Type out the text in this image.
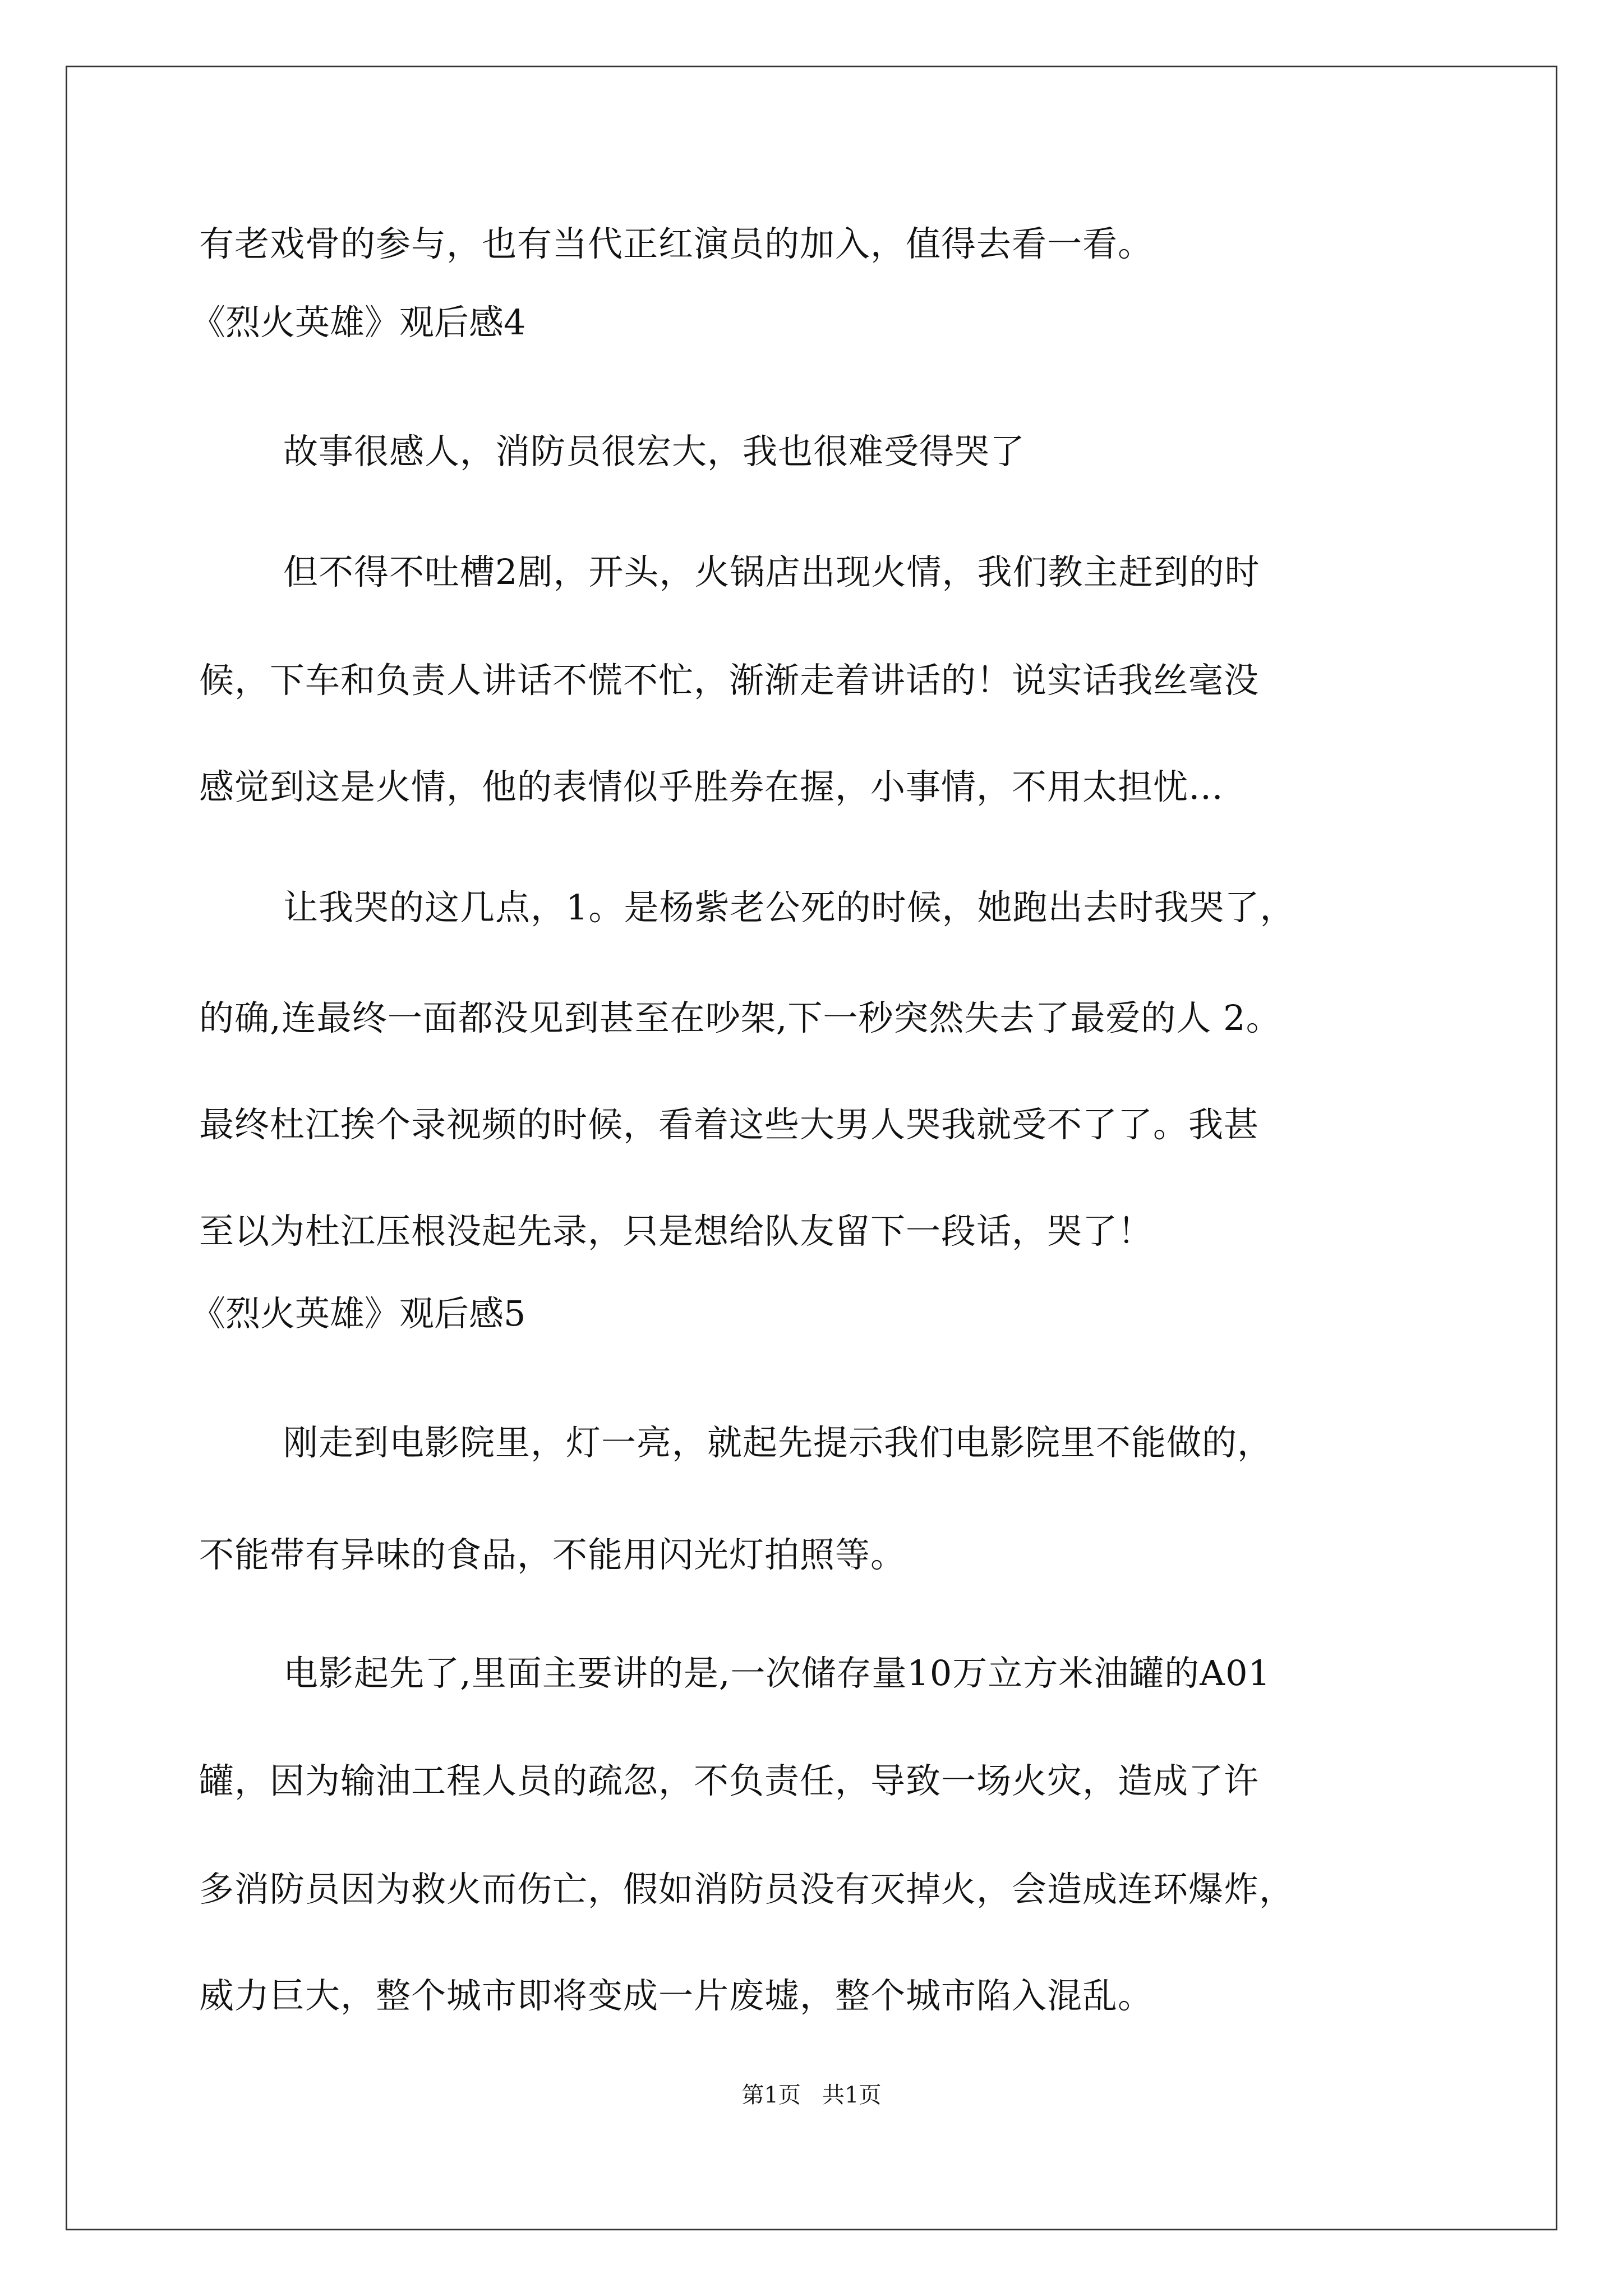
有老戏骨的参与，也有当代正红演员的加入，值得去看一看。
《烈火英雄》观后感4
故事很感人，消防员很宏大，我也很难受得哭了
但不得不吐槽2剧，开头，火锅店出现火情，我们教主赶到的时
候，下车和负责人讲话不慌不忙，渐渐走着讲话的！说实话我丝毫没
感觉到这是火情，他的表情似乎胜券在握，小事情，不用太担忧…
让我哭的这几点，1。是杨紫老公死的时候，她跑出去时我哭了，
的确,连最终一面都没见到甚至在吵架,下一秒突然失去了最爱的人 2。
最终杜江挨个录视频的时候，看着这些大男人哭我就受不了了。我甚
至以为杜江压根没起先录，只是想给队友留下一段话，哭了！
《烈火英雄》观后感5
刚走到电影院里，灯一亮，就起先提示我们电影院里不能做的，
不能带有异味的食品，不能用闪光灯拍照等。
电影起先了,里面主要讲的是,一次储存量10万立方米油罐的A01
罐，因为输油工程人员的疏忽，不负责任，导致一场火灾，造成了许
多消防员因为救火而伤亡，假如消防员没有灭掉火，会造成连环爆炸，
威力巨大，整个城市即将变成一片废墟，整个城市陷入混乱。
第1页   共1页
